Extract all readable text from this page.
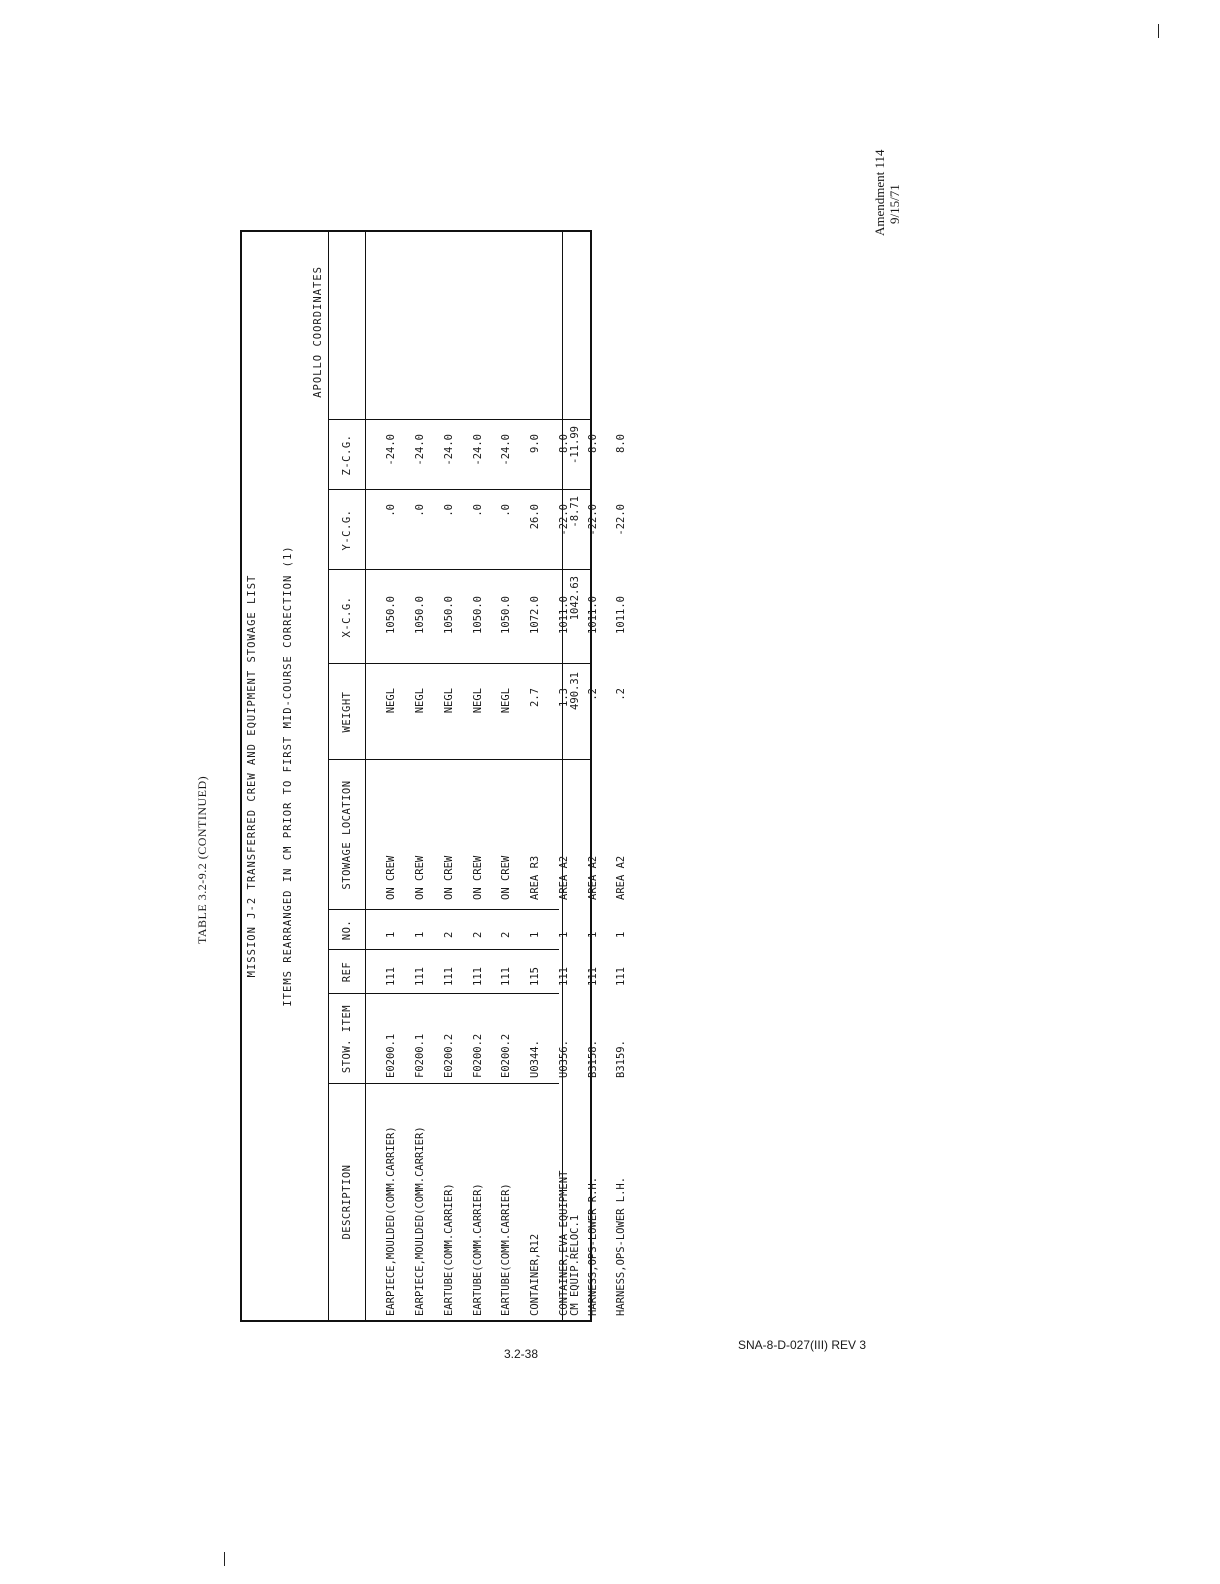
Amendment 114 9/15/71
TABLE 3.2-9.2 (CONTINUED)	MISSION J-2 TRANSFERRED CREW AND EQUIPMENT STOWAGE LIST ITEMS REARRANGED IN CM PRIOR TO FIRST MID-COURSE CORRECTION (1)
APOLLO COORDINATES
DESCRIPTION
STOW. ITEM
REF
NO.
STOWAGE LOCATION
WEIGHT
X-C.G.
Y-C.G.
Z-C.G.

EARPIECE,MOULDED(COMM.CARRIER)

EARPIECE,MOULDED(COMM.CARRIER)

EARTUBE(COMM.CARRIER)

EARTUBE(COMM.CARRIER)

EARTUBE(COMM.CARRIER)

CONTAINER,R12

CONTAINER,EVA EQUIPMENT

HARNESS,OPS-LOWER R.H.

HARNESS,OPS-LOWER L.H.

E0200.1

F0200.1

E0200.2

F0200.2

E0200.2

U0344.

U0356.

B3158.

B3159.

111

111

111

111

111

115

111

111

111

1

1

2

2

2

1

1

1

1

ON CREW

ON CREW

ON CREW

ON CREW

ON CREW

AREA R3

AREA A2

AREA A2

AREA A2

NEGL

NEGL

NEGL

NEGL

NEGL

2.7

1.3

.2

.2

1050.0

1050.0

1050.0

1050.0

1050.0

1072.0

1011.0

1011.0

1011.0

.0

.0

.0

.0

.0

26.0

-22.0

-22.0

-22.0

-24.0

-24.0

-24.0

-24.0

-24.0

9.0

8.0

8.0

8.0

CM EQUIP.RELOC.1
490.31
1042.63
-8.71
-11.99
3.2-38
SNA-8-D-027(III) REV 3
